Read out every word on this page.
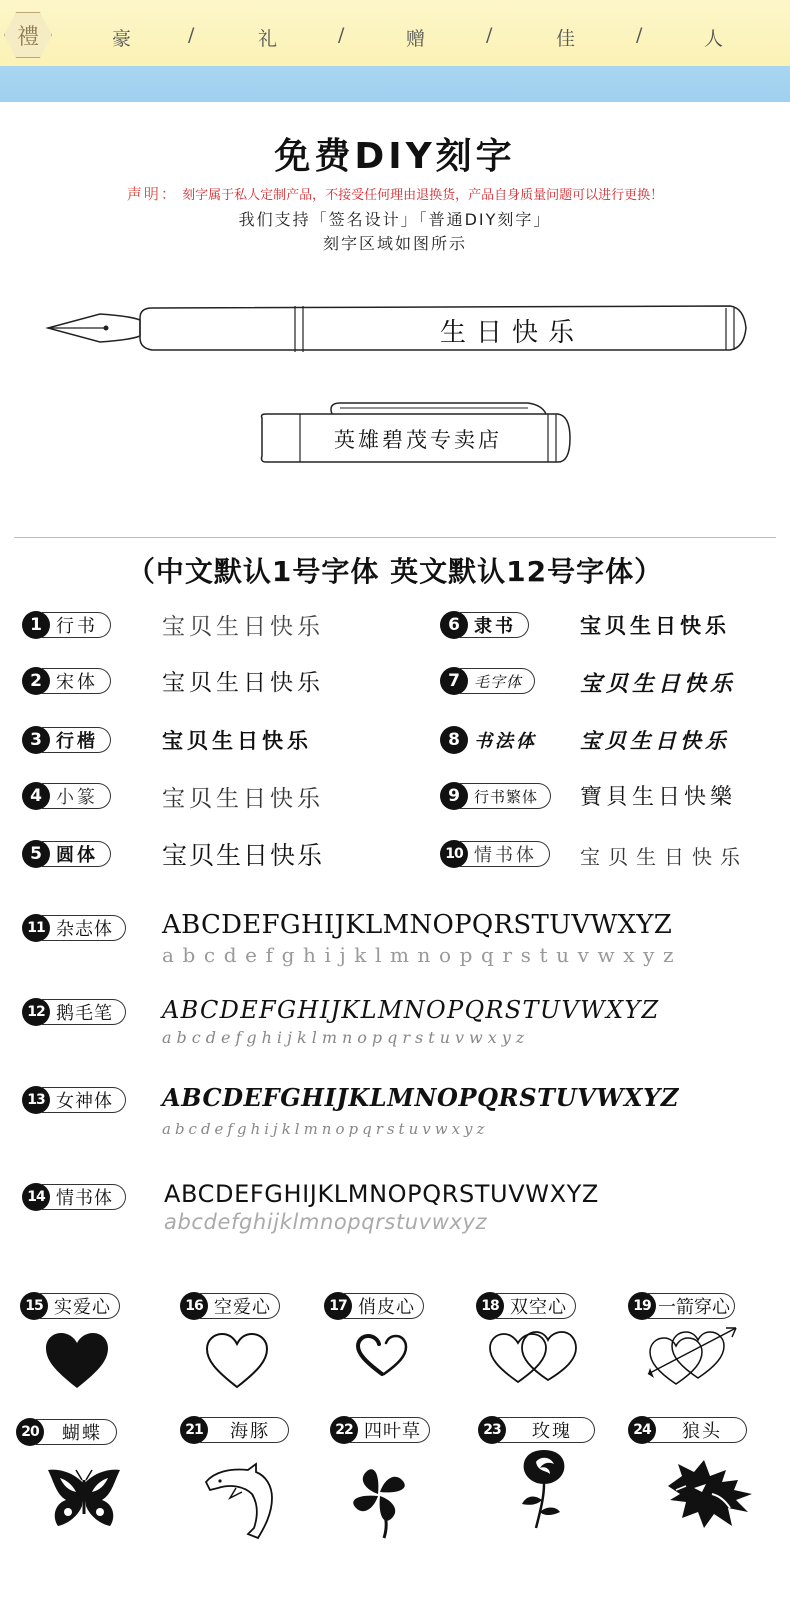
禮	豪	/	礼	/	赠	/	佳	/	人
免费DIY刻字
声明： 刻字属于私人定制产品，不接受任何理由退换货，产品自身质量问题可以进行更换！
我们支持「签名设计」「普通DIY刻字」
刻字区域如图所示
生日快乐
英雄碧茂专卖店
（中文默认1号字体 英文默认12号字体）
1 行书	宝贝生日快乐
2 宋体	宝贝生日快乐
3 行楷	宝贝生日快乐
4 小篆	宝贝生日快乐
5 圆体	宝贝生日快乐
6 隶书	宝贝生日快乐
7 毛字体	宝贝生日快乐
8 书法体	宝贝生日快乐
9 行书繁体	寶貝生日快樂
10 情书体	宝贝生日快乐
11 杂志体	ABCDEFGHIJKLMNOPQRSTUVWXYZ
abcdefghijklmnopqrstuvwxyz
12 鹅毛笔	ABCDEFGHIJKLMNOPQRSTUVWXYZ
abcdefghijklmnopqrstuvwxyz
13 女神体	ABCDEFGHIJKLMNOPQRSTUVWXYZ
abcdefghijklmnopqrstuvwxyz
14 情书体	ABCDEFGHIJKLMNOPQRSTUVWXYZ
abcdefghijklmnopqrstuvwxyz
15 实爱心	16 空爱心	17 俏皮心	18 双空心	19 一箭穿心
20	蝴蝶	21	海豚	22 四叶草	23	玫瑰	24	狼头
